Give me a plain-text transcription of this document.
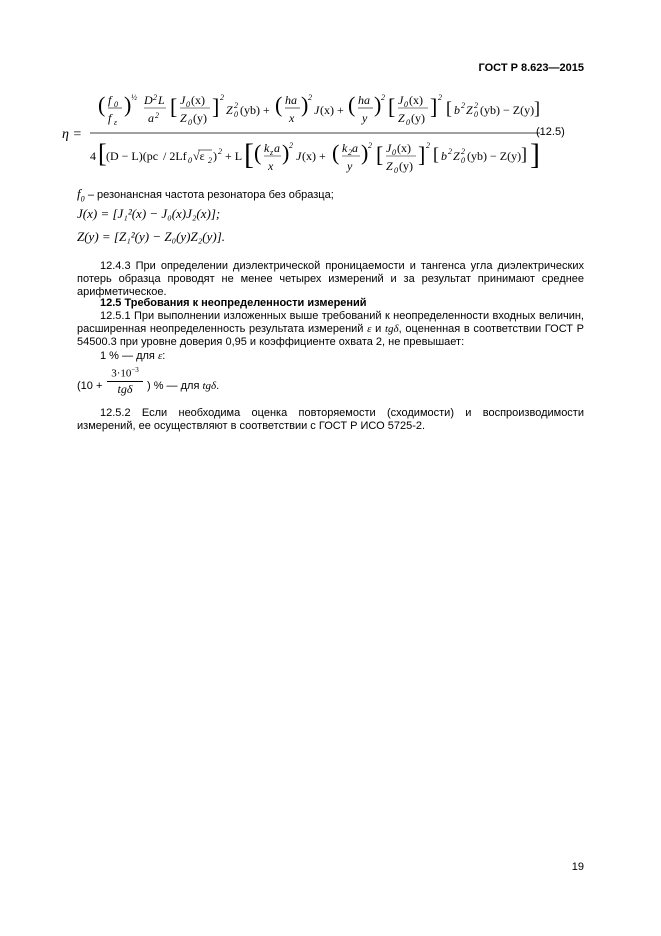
ГОСТ Р 8.623—2015
η =
( f 0
f ε
) ½ D 2 L
a 2 [ J 0 (x)
Z 0 (y) ] 2
Z 2
0 (yb) + ( ha
x
) 2
J (x) + ( ha
y
) 2 [ J 0 (x)
Z 0 (y) ] 2
[ b 2 Z 2
0 (yb) − Z(y) ]
4 [ (D − L)(pc / 2Lf 0 √ε 2 ) 2 + L [ ( k z a
x
) 2
J (x) + ( k 2 a
y
) 2 [ J 0 (x)
Z 0 (y) ] 2 [ b 2 Z 2
0 (yb) − Z(y) ] ]
(12.5)
$f_0$ – резонансная частота резонатора без образца;
J(x) = [J₁²(x) − J₀(x)J₂(x)];
Z(y) = [Z₁²(y) − Z₀(y)Z₂(y)].
12.4.3 При определении диэлектрической проницаемости и тангенса угла диэлектрических потерь образца проводят не менее четырех измерений и за результат принимают среднее арифметическое.
12.5 Требования к неопределенности измерений
12.5.1 При выполнении изложенных выше требований к неопределенности входных величин, расширенная неопределенность результата измерений ε и tgδ, оцененная в соответствии ГОСТ Р 54500.3 при уровне доверия 0,95 и коэффициенте охвата 2, не превышает:
1 % — для ε:
(10 +
$3\cdot 10^{-3}$
tgδ	) % — для tgδ.
12.5.2 Если необходима оценка повторяемости (сходимости) и воспроизводимости измерений, ее осуществляют в соответствии с ГОСТ Р ИСО 5725-2.
19
